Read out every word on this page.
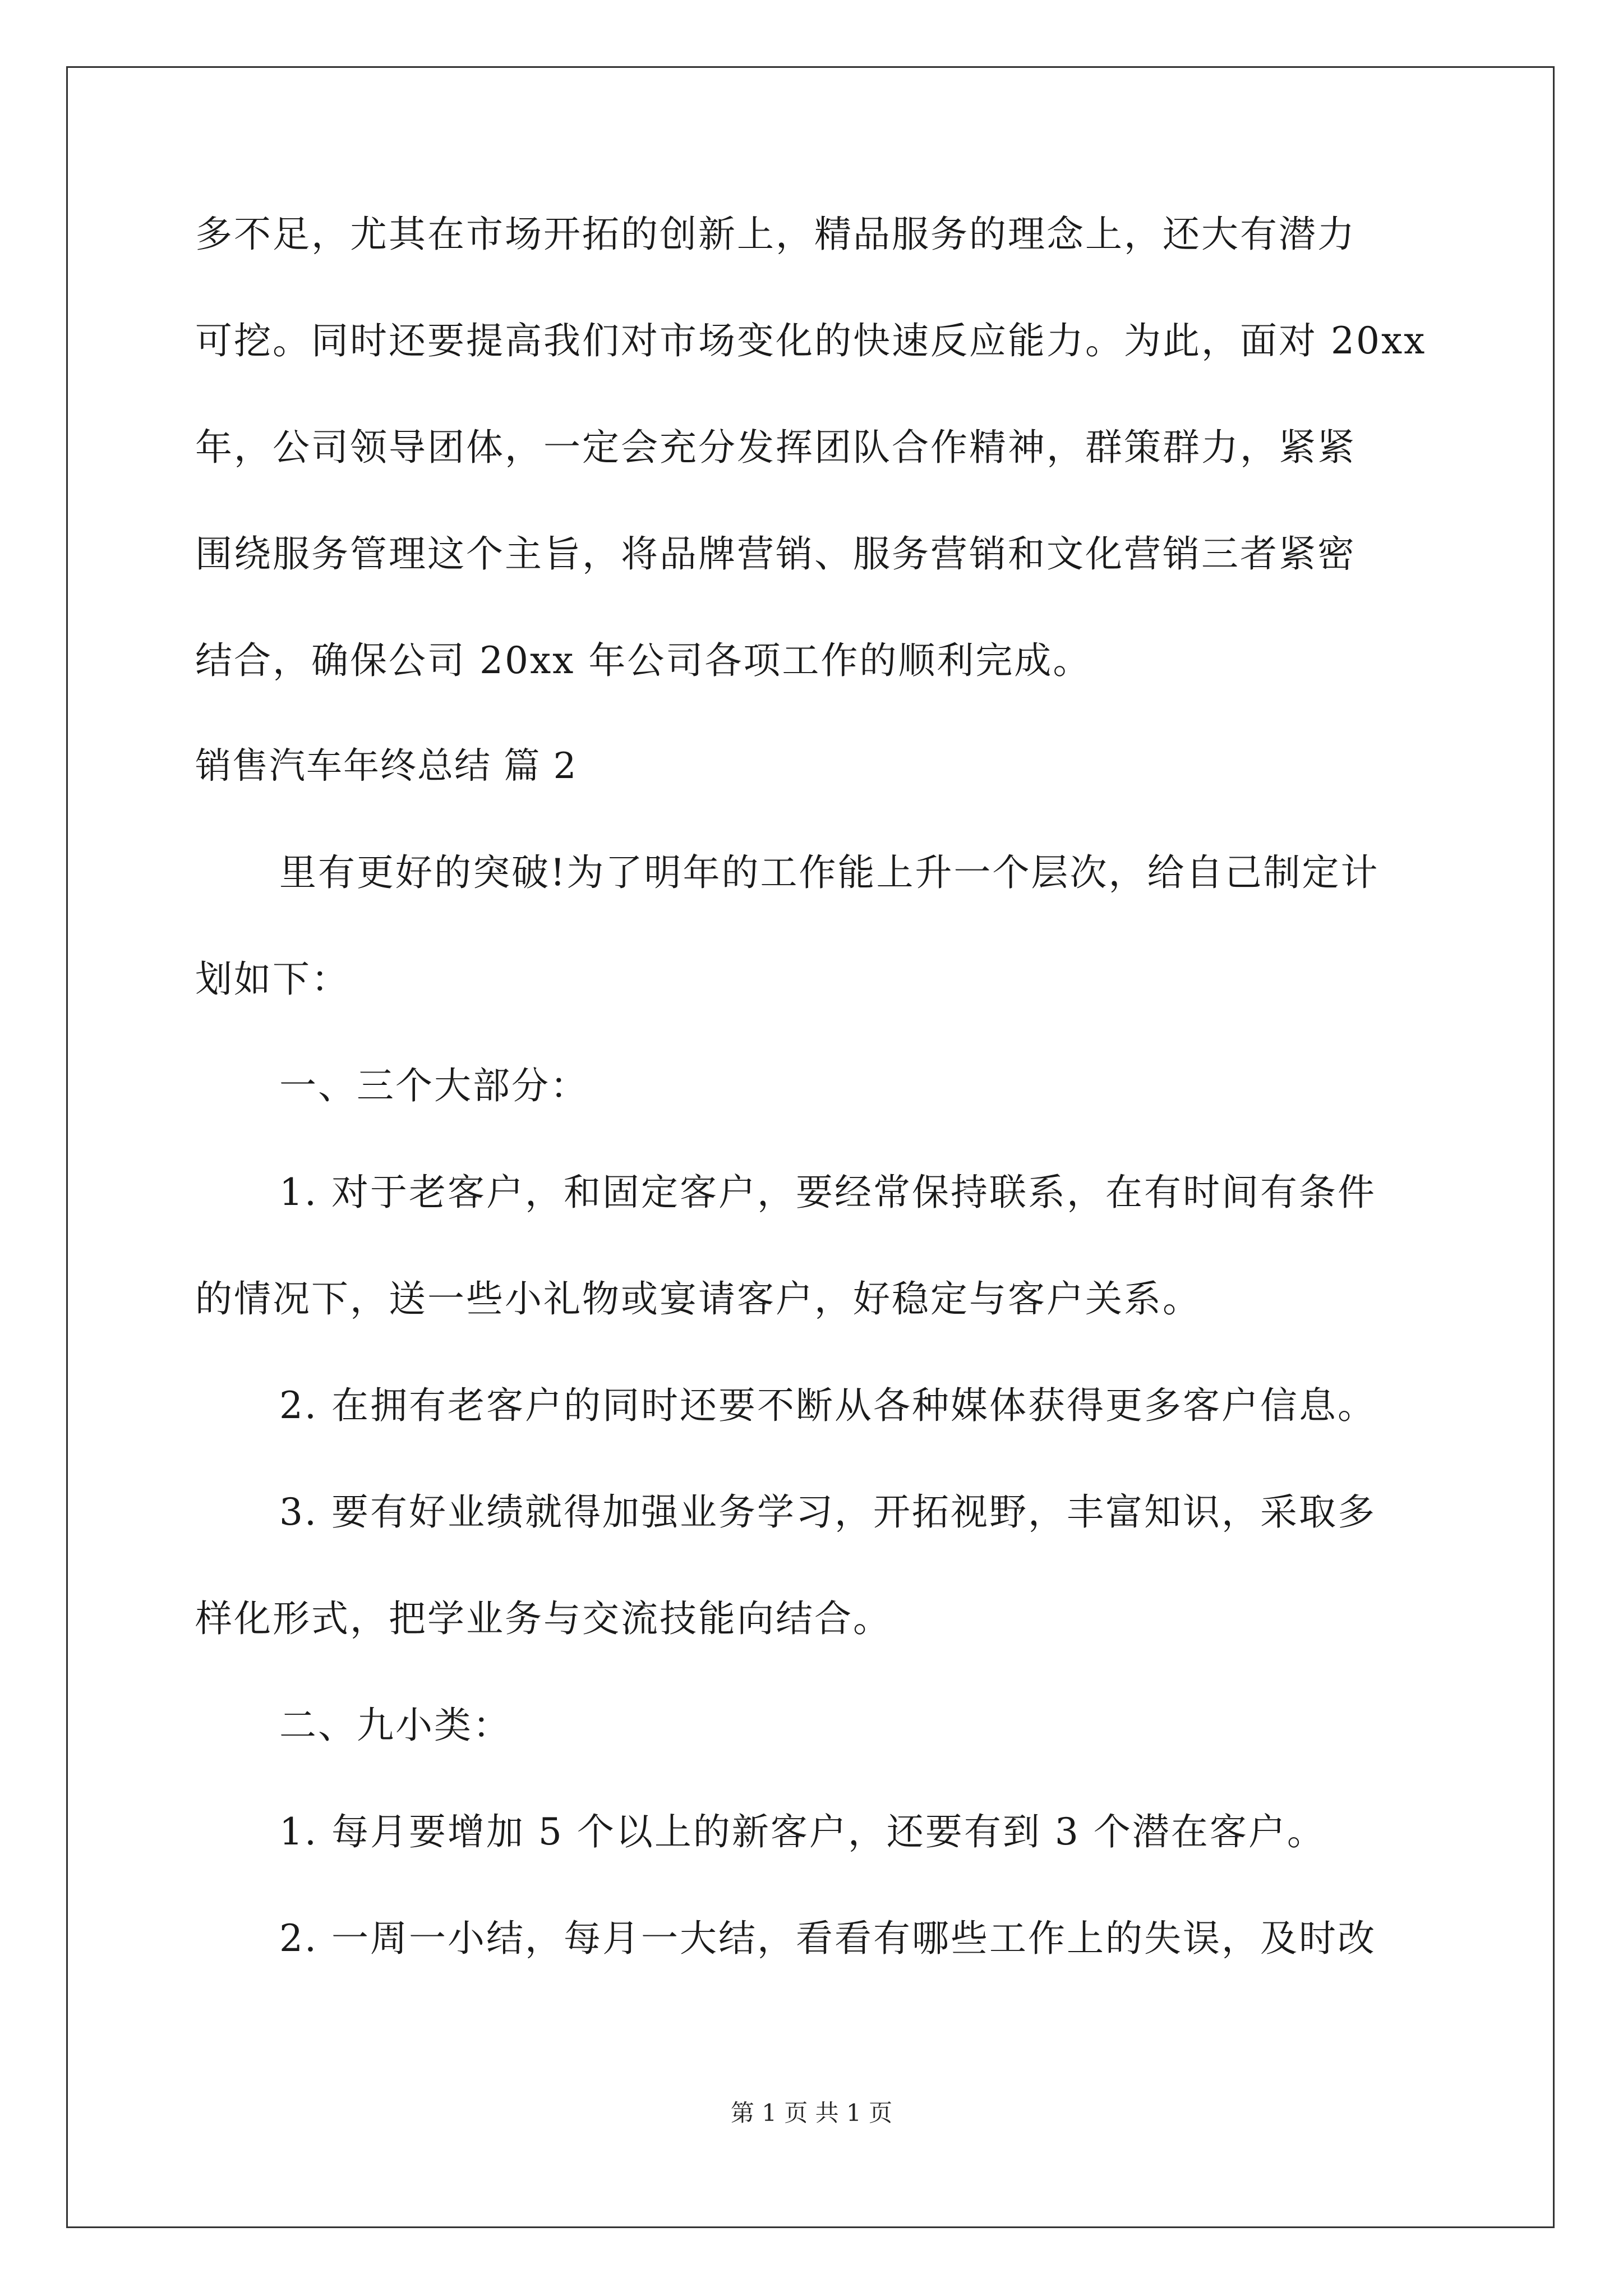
多不足，尤其在市场开拓的创新上，精品服务的理念上，还大有潜力
可挖。同时还要提高我们对市场变化的快速反应能力。为此，面对 20xx
年，公司领导团体，一定会充分发挥团队合作精神，群策群力，紧紧
围绕服务管理这个主旨，将品牌营销、服务营销和文化营销三者紧密
结合，确保公司 20xx 年公司各项工作的顺利完成。
销售汽车年终总结 篇 2
里有更好的突破!为了明年的工作能上升一个层次，给自己制定计
划如下：
一、三个大部分：
1. 对于老客户，和固定客户，要经常保持联系，在有时间有条件
的情况下，送一些小礼物或宴请客户，好稳定与客户关系。
2. 在拥有老客户的同时还要不断从各种媒体获得更多客户信息。
3. 要有好业绩就得加强业务学习，开拓视野，丰富知识，采取多
样化形式，把学业务与交流技能向结合。
二、九小类：
1. 每月要增加 5 个以上的新客户，还要有到 3 个潜在客户。
2. 一周一小结，每月一大结，看看有哪些工作上的失误，及时改
第 1 页 共 1 页
